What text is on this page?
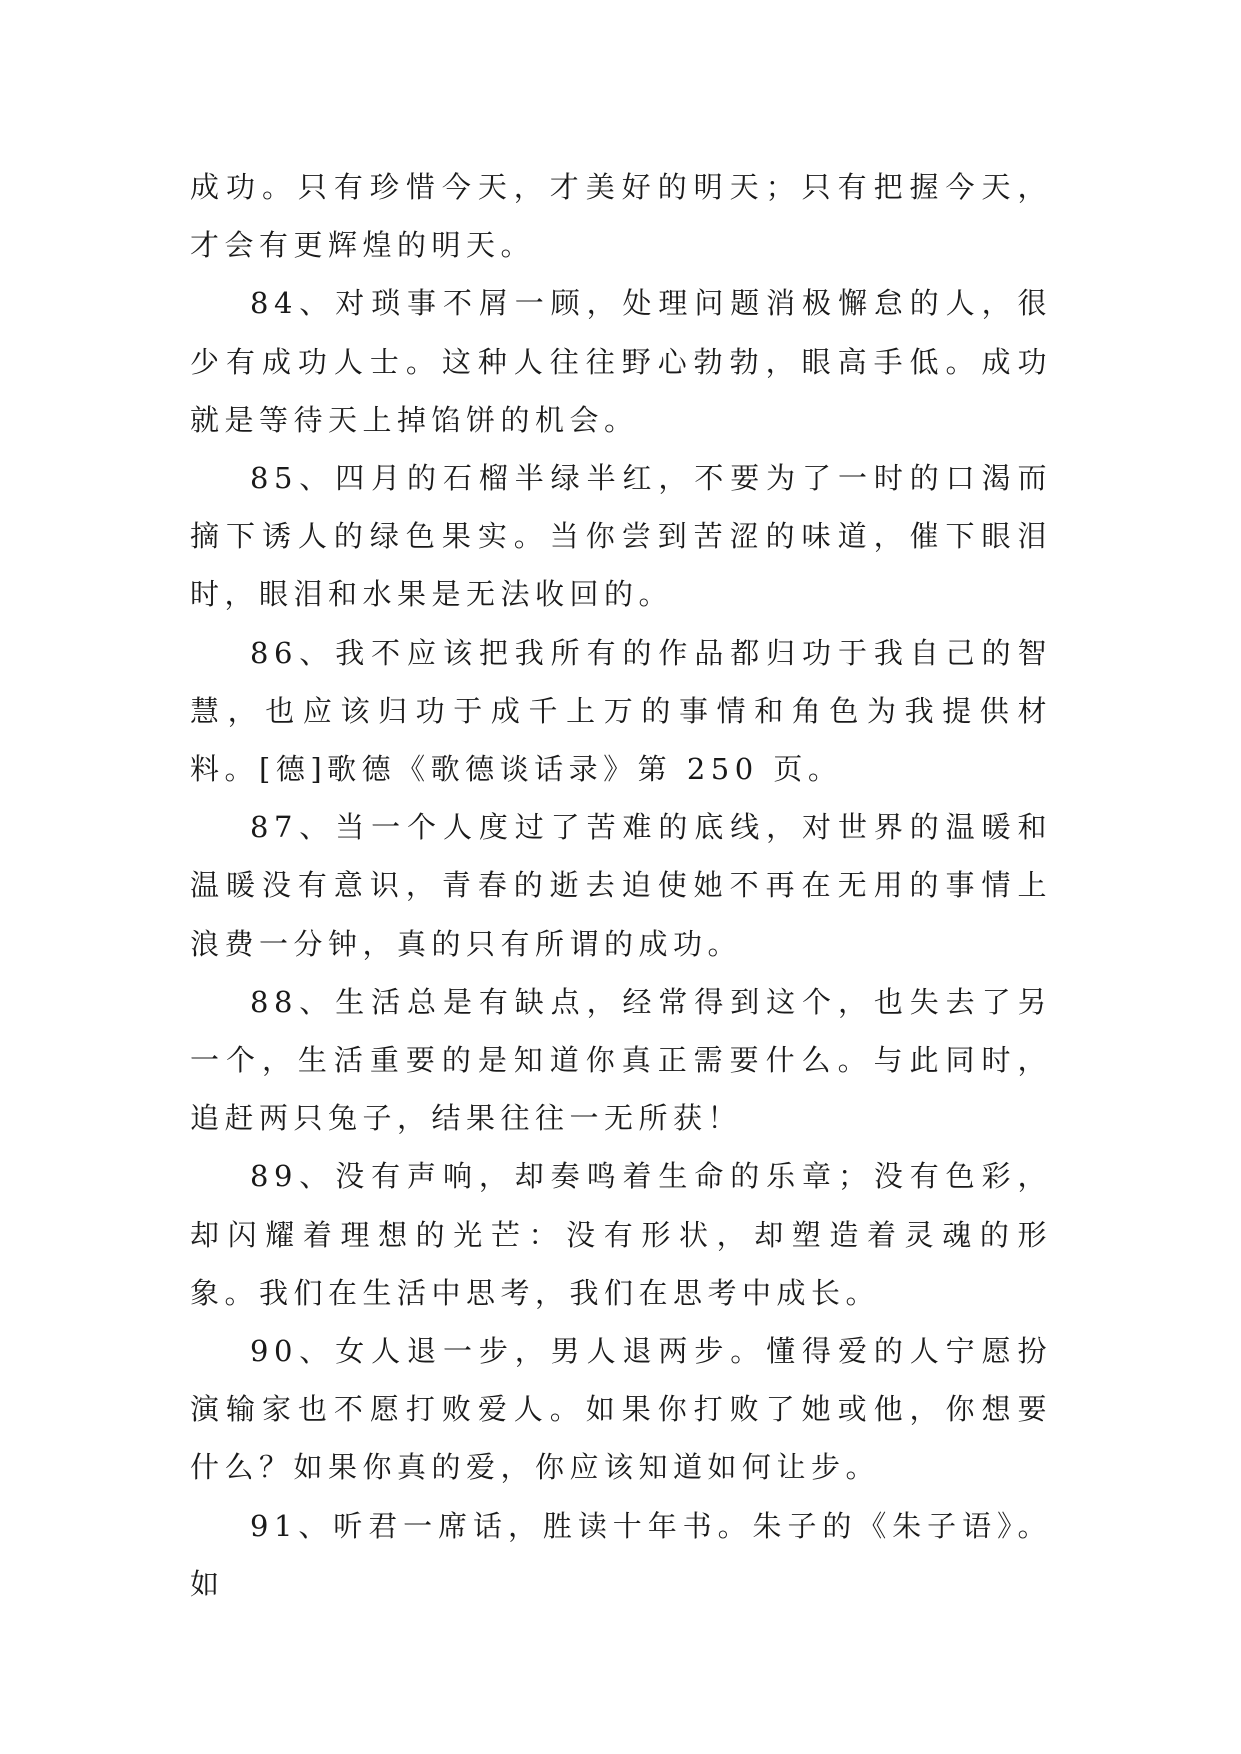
成功。只有珍惜今天，才美好的明天；只有把握今天，才会有更辉煌的明天。

84、对琐事不屑一顾，处理问题消极懈怠的人，很少有成功人士。这种人往往野心勃勃，眼高手低。成功就是等待天上掉馅饼的机会。

85、四月的石榴半绿半红，不要为了一时的口渴而摘下诱人的绿色果实。当你尝到苦涩的味道，催下眼泪时，眼泪和水果是无法收回的。

86、我不应该把我所有的作品都归功于我自己的智慧，也应该归功于成千上万的事情和角色为我提供材料。[德]歌德《歌德谈话录》第 250 页。

87、当一个人度过了苦难的底线，对世界的温暖和温暖没有意识，青春的逝去迫使她不再在无用的事情上浪费一分钟，真的只有所谓的成功。

88、生活总是有缺点，经常得到这个，也失去了另一个，生活重要的是知道你真正需要什么。与此同时，追赶两只兔子，结果往往一无所获！

89、没有声响，却奏鸣着生命的乐章；没有色彩，却闪耀着理想的光芒：没有形状，却塑造着灵魂的形象。我们在生活中思考，我们在思考中成长。

90、女人退一步，男人退两步。懂得爱的人宁愿扮演输家也不愿打败爱人。如果你打败了她或他，你想要什么？如果你真的爱，你应该知道如何让步。

91、听君一席话，胜读十年书。朱子的《朱子语》。如
